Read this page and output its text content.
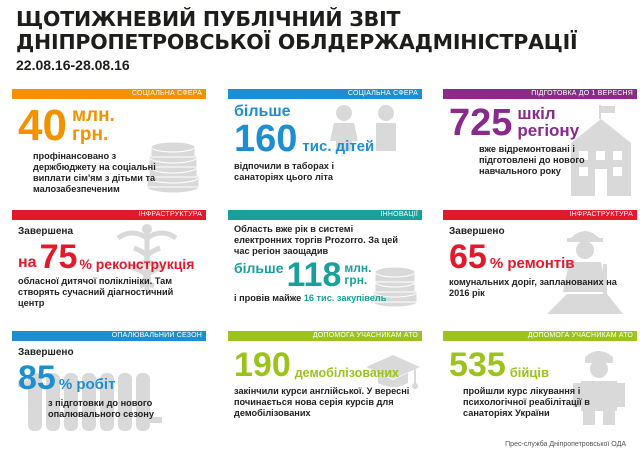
ЩОТИЖНЕВИЙ ПУБЛІЧНИЙ ЗВІТ
ДНІПРОПЕТРОВСЬКОЇ ОБЛДЕРЖАДМІНІСТРАЦІЇ
22.08.16-28.08.16
СОЦІАЛЬНА СФЕРА
40 млн.
грн.
профінансовано з держбюджету на соціальні виплати сім'ям з дітьми та малозабезпеченим
СОЦІАЛЬНА СФЕРА
більше
160 тис. дітей
відпочили в таборах і санаторіях цього літа
ПІДГОТОВКА ДО 1 ВЕРЕСНЯ
725 шкіл
регіону
вже відремонтовані і підготовлені до нового навчального року
ІНФРАСТРУКТУРА
Завершена
на 75 % реконструкція
обласної дитячої поліклініки. Там створять сучасний діагностичний центр
ІННОВАЦІЇ
Область вже рік в системі електронних торгів Prozorro. За цей час регіон заощадив
більше 118 млн.
грн.
і провів майже 16 тис. закупівель
ІНФРАСТРУКТУРА
Завершено
65 % ремонтів
комунальних доріг, запланованих на 2016 рік
ОПАЛЮВАЛЬНИЙ СЕЗОН
Завершено
85 % робіт
з підготовки до нового опалювального сезону
ДОПОМОГА УЧАСНИКАМ АТО
190 демобілізованих
закінчили курси англійської. У вересні починається нова серія курсів для демобілізованих
ДОПОМОГА УЧАСНИКАМ АТО
535 бійців
пройшли курс лікування і психологічної реабілітації в санаторіях України
Прес-служба Дніпропетровської ОДА
